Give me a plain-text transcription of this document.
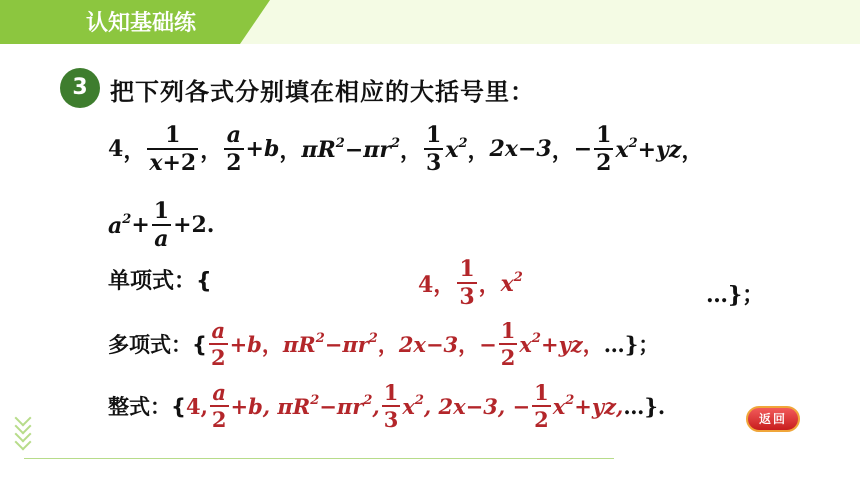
认知基础练
3 把下列各式分别填在相应的大括号里：
4 ， $\frac{1}{x+2}$ ， $\frac{a}{2} +b$ ， $\pi R^2-\pi r^2$ ， $\frac{1}{3} x^2$ ， 2x−3 ， − $\frac{1}{2} x^2+yz$ ，
$a^2 + \frac{1}{a} +2$.
单项式：{	4， $\frac{1}{3}$ ， $x^2$
…}；
多项式：{ $\frac{a}{2} +b$ ， $\pi R^2-\pi r^2$ ， 2x−3 ， − $\frac{1}{2} x^2+yz$ ， …}；
整式：{ 4, $\frac{a}{2} +b$, $\pi R^2-\pi r^2$, $\frac{1}{3} x^2$, 2x−3, − $\frac{1}{2} x^2+yz$, …}.
返回
